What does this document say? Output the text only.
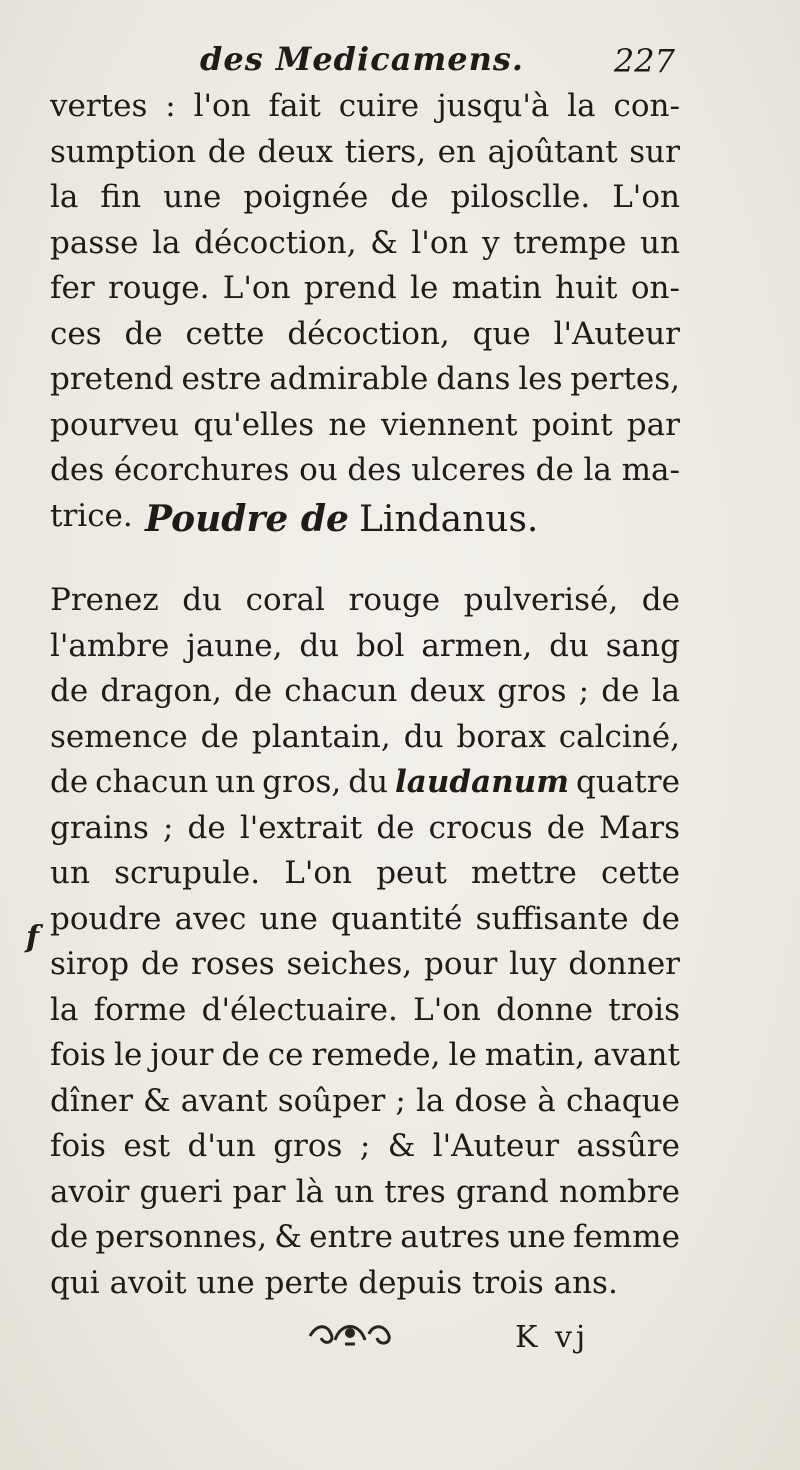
des Medicamens.	227
vertes : l'on fait cuire jusqu'à la con-
sumption de deux tiers, en ajoûtant sur
la fin une poignée de pilosclle. L'on
passe la décoction, & l'on y trempe un
fer rouge. L'on prend le matin huit on-
ces de cette décoction, que l'Auteur
pretend estre admirable dans les pertes,
pourveu qu'elles ne viennent point par
des écorchures ou des ulceres de la ma-
trice. Poudre de Lindanus.
Prenez du coral rouge pulverisé, de
l'ambre jaune, du bol armen, du sang
de dragon, de chacun deux gros ; de la
semence de plantain, du borax calciné,
de chacun un gros, du laudanum quatre
grains ; de l'extrait de crocus de Mars
un scrupule. L'on peut mettre cette
poudre avec une quantité suffisante de
sirop de roses seiches, pour luy donner
la forme d'électuaire. L'on donne trois
fois le jour de ce remede, le matin, avant
dîner & avant soûper ; la dose à chaque
fois est d'un gros ; & l'Auteur assûre
avoir gueri par là un tres grand nombre
de personnes, & entre autres une femme
qui avoit une perte depuis trois ans.
f
K vj
